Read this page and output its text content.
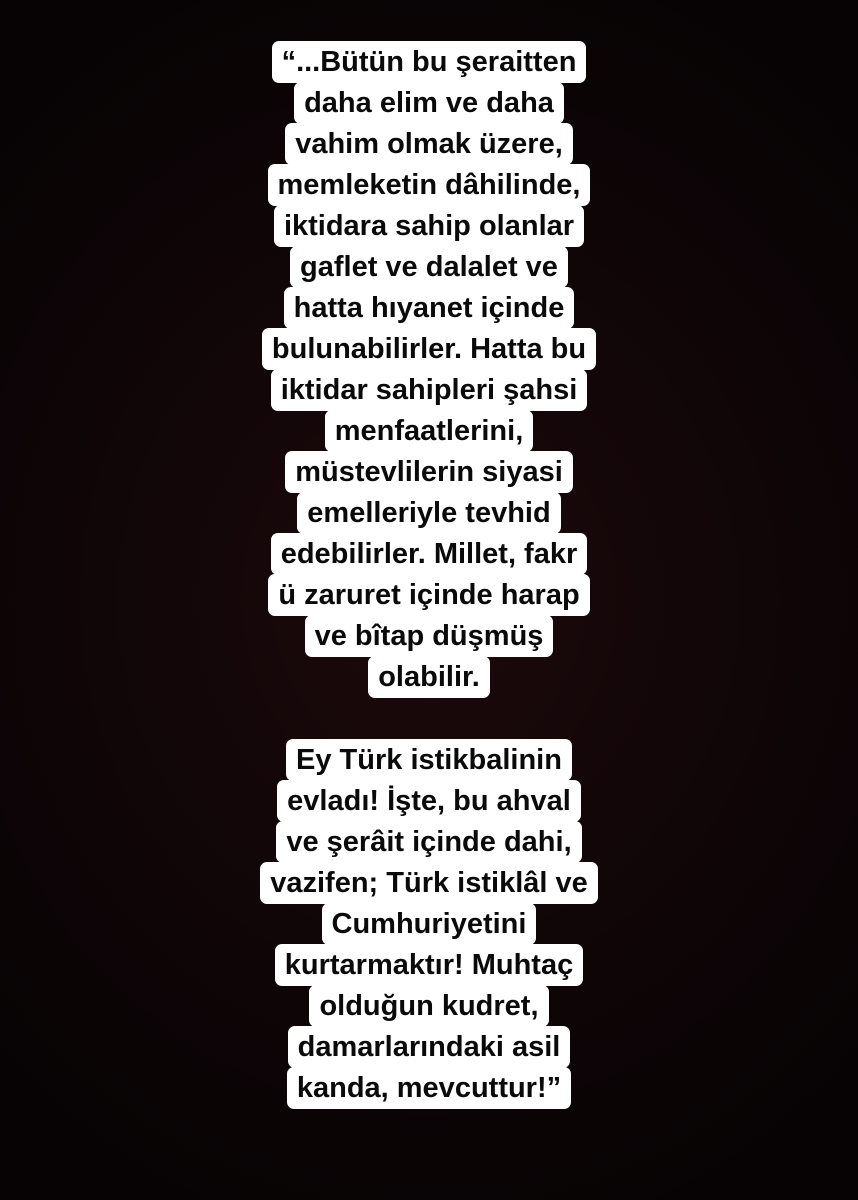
“...Bütün bu şeraitten
daha elim ve daha
vahim olmak üzere,
memleketin dâhilinde,
iktidara sahip olanlar
gaflet ve dalalet ve
hatta hıyanet içinde
bulunabilirler. Hatta bu
iktidar sahipleri şahsi
menfaatlerini,
müstevlilerin siyasi
emelleriyle tevhid
edebilirler. Millet, fakr
ü zaruret içinde harap
ve bîtap düşmüş
olabilir.
Ey Türk istikbalinin
evladı! İşte, bu ahval
ve şerâit içinde dahi,
vazifen; Türk istiklâl ve
Cumhuriyetini
kurtarmaktır! Muhtaç
olduğun kudret,
damarlarındaki asil
kanda, mevcuttur!”
